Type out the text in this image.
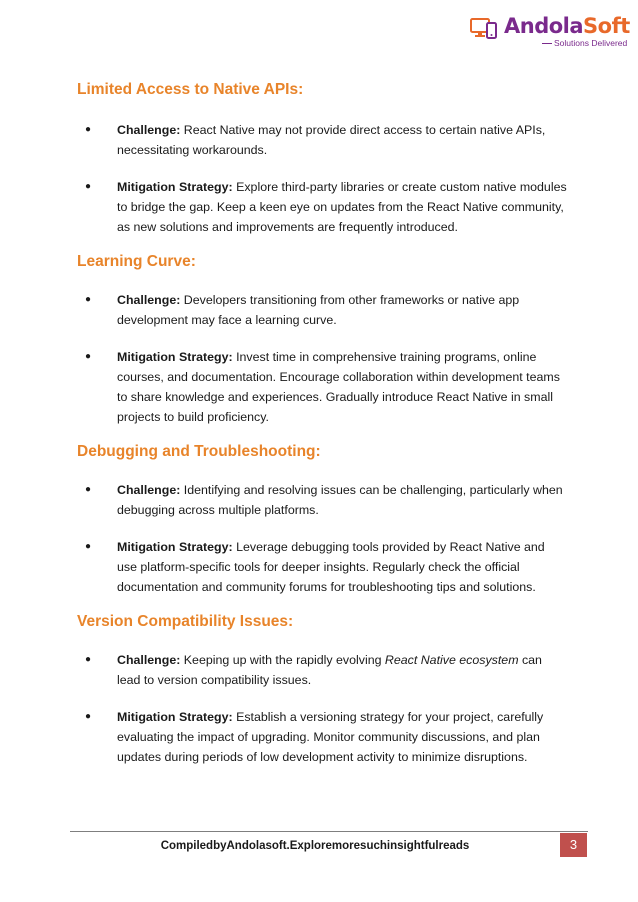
AndolaSoft
Solutions Delivered
Limited Access to Native APIs:
● Challenge: React Native may not provide direct access to certain native APIs, necessitating workarounds.
● Mitigation Strategy: Explore third-party libraries or create custom native modules to bridge the gap. Keep a keen eye on updates from the React Native community, as new solutions and improvements are frequently introduced.
Learning Curve:
● Challenge: Developers transitioning from other frameworks or native app development may face a learning curve.
● Mitigation Strategy: Invest time in comprehensive training programs, online courses, and documentation. Encourage collaboration within development teams to share knowledge and experiences. Gradually introduce React Native in small projects to build proficiency.
Debugging and Troubleshooting:
● Challenge: Identifying and resolving issues can be challenging, particularly when debugging across multiple platforms.
● Mitigation Strategy: Leverage debugging tools provided by React Native and use platform-specific tools for deeper insights. Regularly check the official documentation and community forums for troubleshooting tips and solutions.
Version Compatibility Issues:
● Challenge: Keeping up with the rapidly evolving React Native ecosystem can lead to version compatibility issues.
● Mitigation Strategy: Establish a versioning strategy for your project, carefully evaluating the impact of upgrading. Monitor community discussions, and plan updates during periods of low development activity to minimize disruptions.
CompiledbyAndolasoft.Exploremoresuchinsightfulreads	3
